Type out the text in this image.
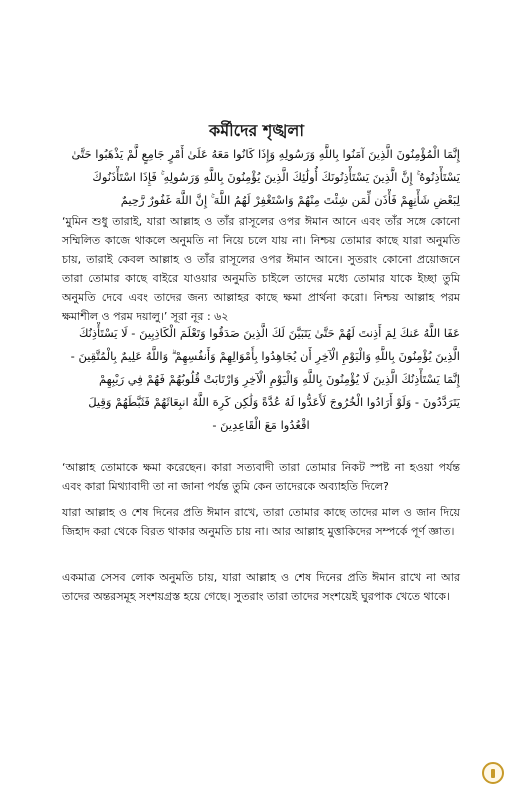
কর্মীদের শৃঙ্খলা
إِنَّمَا الْمُؤْمِنُونَ الَّذِينَ آمَنُوا بِاللَّهِ وَرَسُولِهِ وَإِذَا كَانُوا مَعَهُ عَلَىٰ أَمْرٍ جَامِعٍ لَّمْ يَذْهَبُوا حَتَّىٰ
يَسْتَأْذِنُوهُ ۚ إِنَّ الَّذِينَ يَسْتَأْذِنُونَكَ أُولَٰئِكَ الَّذِينَ يُؤْمِنُونَ بِاللَّهِ وَرَسُولِهِ ۚ فَإِذَا اسْتَأْذَنُوكَ
لِبَعْضِ شَأْنِهِمْ فَأْذَن لِّمَن شِئْتَ مِنْهُمْ وَاسْتَغْفِرْ لَهُمُ اللَّهَ ۚ إِنَّ اللَّهَ غَفُورٌ رَّحِيمٌ
‘মুমিন শুধু তারাই, যারা আল্লাহ ও তাঁর রাসূলের ওপর ঈমান আনে এবং তাঁর সঙ্গে কোনো সম্মিলিত কাজে থাকলে অনুমতি না নিয়ে চলে যায় না। নিশ্চয় তোমার কাছে যারা অনুমতি চায়, তারাই কেবল আল্লাহ ও তাঁর রাসূলের ওপর ঈমান আনে। সুতরাং কোনো প্রয়োজনে তারা তোমার কাছে বাইরে যাওয়ার অনুমতি চাইলে তাদের মধ্যে তোমার যাকে ইচ্ছা তুমি অনুমতি দেবে এবং তাদের জন্য আল্লাহর কাছে ক্ষমা প্রার্থনা করো। নিশ্চয় আল্লাহ পরম ক্ষমাশীল ও পরম দয়ালু।’ সূরা নূর : ৬২
عَفَا اللَّهُ عَنكَ لِمَ أَذِنتَ لَهُمْ حَتَّىٰ يَتَبَيَّنَ لَكَ الَّذِينَ صَدَقُوا وَتَعْلَمَ الْكَاذِبِينَ - لَا يَسْتَأْذِنُكَ
الَّذِينَ يُؤْمِنُونَ بِاللَّهِ وَالْيَوْمِ الْآخِرِ أَن يُجَاهِدُوا بِأَمْوَالِهِمْ وَأَنفُسِهِمْ ۗ وَاللَّهُ عَلِيمٌ بِالْمُتَّقِينَ -
إِنَّمَا يَسْتَأْذِنُكَ الَّذِينَ لَا يُؤْمِنُونَ بِاللَّهِ وَالْيَوْمِ الْآخِرِ وَارْتَابَتْ قُلُوبُهُمْ فَهُمْ فِي رَيْبِهِمْ
يَتَرَدَّدُونَ - وَلَوْ أَرَادُوا الْخُرُوجَ لَأَعَدُّوا لَهُ عُدَّةً وَلَٰكِن كَرِهَ اللَّهُ انبِعَاثَهُمْ فَثَبَّطَهُمْ وَقِيلَ
اقْعُدُوا مَعَ الْقَاعِدِينَ -
‘আল্লাহ তোমাকে ক্ষমা করেছেন। কারা সত্যবাদী তারা তোমার নিকট স্পষ্ট না হওয়া পর্যন্ত এবং কারা মিথ্যাবাদী তা না জানা পর্যন্ত তুমি কেন তাদেরকে অব্যাহতি দিলে?
যারা আল্লাহ ও শেষ দিনের প্রতি ঈমান রাখে, তারা তোমার কাছে তাদের মাল ও জান দিয়ে জিহাদ করা থেকে বিরত থাকার অনুমতি চায় না। আর আল্লাহ মুত্তাকিদের সম্পর্কে পূর্ণ জ্ঞাত।
একমাত্র সেসব লোক অনুমতি চায়, যারা আল্লাহ ও শেষ দিনের প্রতি ঈমান রাখে না আর তাদের অন্তরসমূহ সংশয়গ্রস্ত হয়ে গেছে। সুতরাং তারা তাদের সংশয়েই ঘুরপাক খেতে থাকে।
